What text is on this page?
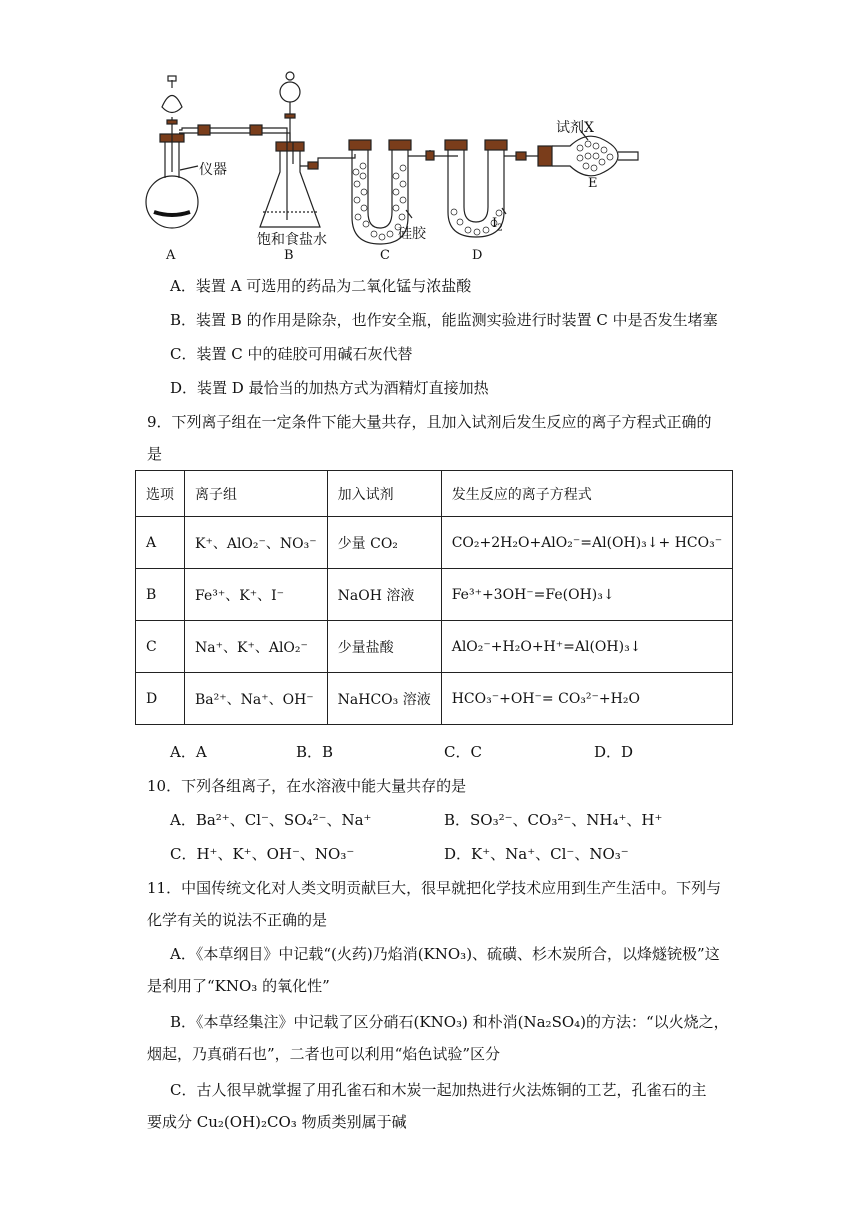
仪器
试剂X
E
饱和食盐水	硅胶
$I_2$
A	B	C	D
A．装置 A 可选用的药品为二氧化锰与浓盐酸
B．装置 B 的作用是除杂，也作安全瓶，能监测实验进行时装置 C 中是否发生堵塞
C．装置 C 中的硅胶可用碱石灰代替
D．装置 D 最恰当的加热方式为酒精灯直接加热
9．下列离子组在一定条件下能大量共存，且加入试剂后发生反应的离子方程式正确的
是
选项	离子组	加入试剂	发生反应的离子方程式
A	K⁺、AlO₂⁻、NO₃⁻	少量 CO₂	CO₂+2H₂O+AlO₂⁻=Al(OH)₃↓+ HCO₃⁻
B	Fe³⁺、K⁺、I⁻	NaOH 溶液	Fe³⁺+3OH⁻=Fe(OH)₃↓
C	Na⁺、K⁺、AlO₂⁻	少量盐酸	AlO₂⁻+H₂O+H⁺=Al(OH)₃↓
D	Ba²⁺、Na⁺、OH⁻	NaHCO₃ 溶液	HCO₃⁻+OH⁻= CO₃²⁻+H₂O
A．A	B．B	C．C	D．D
10．下列各组离子，在水溶液中能大量共存的是
A．Ba²⁺、Cl⁻、SO₄²⁻、Na⁺	B．SO₃²⁻、CO₃²⁻、NH₄⁺、H⁺
C．H⁺、K⁺、OH⁻、NO₃⁻	D．K⁺、Na⁺、Cl⁻、NO₃⁻
11．中国传统文化对人类文明贡献巨大，很早就把化学技术应用到生产生活中。下列与
化学有关的说法不正确的是
A．《本草纲目》中记载“(火药)乃焰消(KNO₃)、硫磺、杉木炭所合，以烽燧铳极”这
是利用了“KNO₃ 的氧化性”
B．《本草经集注》中记载了区分硝石(KNO₃) 和朴消(Na₂SO₄)的方法：“以火烧之，
烟起，乃真硝石也”，二者也可以利用“焰色试验”区分
C．古人很早就掌握了用孔雀石和木炭一起加热进行火法炼铜的工艺，孔雀石的主
要成分 Cu₂(OH)₂CO₃ 物质类别属于碱
